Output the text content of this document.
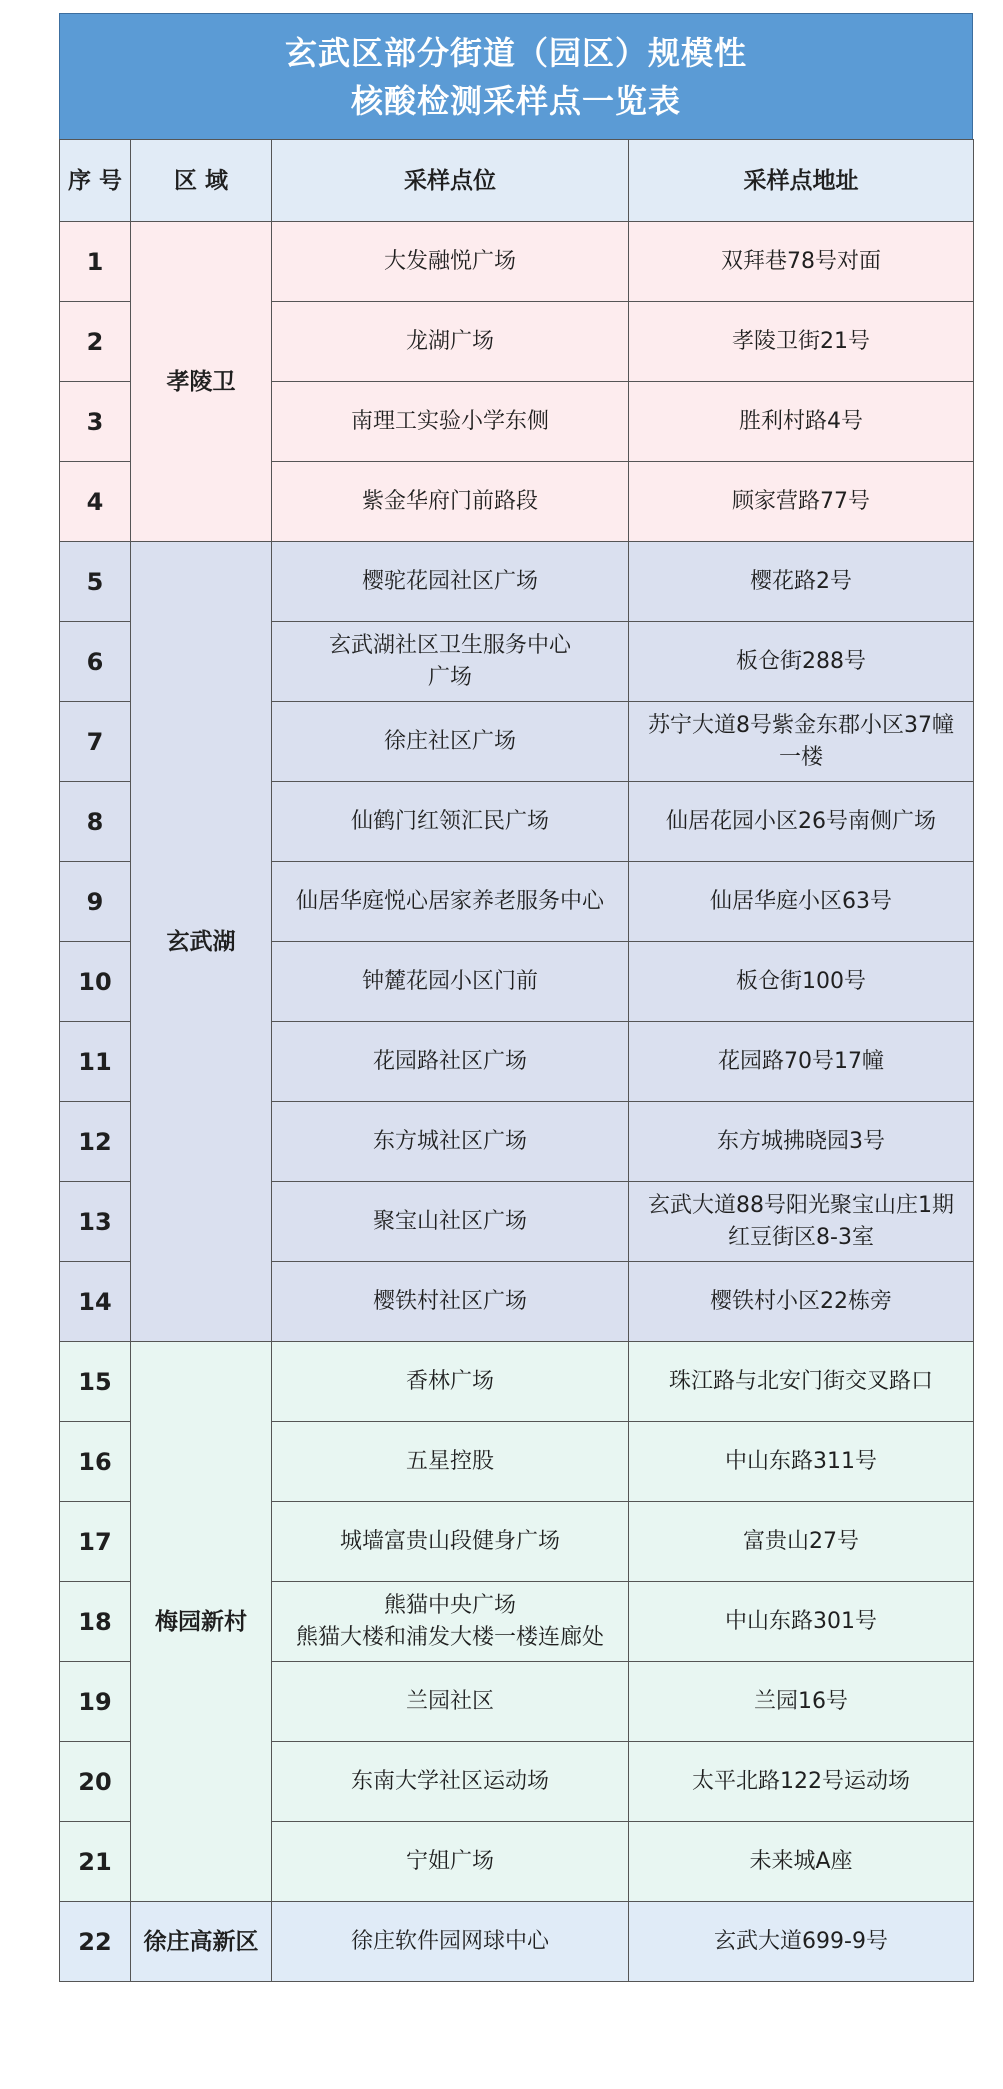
玄武区部分街道（园区）规模性
核酸检测采样点一览表
序 号	区 域	采样点位	采样点地址
1	孝陵卫	大发融悦广场	双拜巷78号对面
2		龙湖广场	孝陵卫街21号
3		南理工实验小学东侧	胜利村路4号
4		紫金华府门前路段	顾家营路77号
5	玄武湖	樱驼花园社区广场	樱花路2号
6		玄武湖社区卫生服务中心
广场	板仓街288号
7		徐庄社区广场	苏宁大道8号紫金东郡小区37幢
一楼
8		仙鹤门红领汇民广场	仙居花园小区26号南侧广场
9		仙居华庭悦心居家养老服务中心	仙居华庭小区63号
10		钟麓花园小区门前	板仓街100号
11		花园路社区广场	花园路70号17幢
12		东方城社区广场	东方城拂晓园3号
13		聚宝山社区广场	玄武大道88号阳光聚宝山庄1期
红豆街区8-3室
14		樱铁村社区广场	樱铁村小区22栋旁
15	梅园新村	香林广场	珠江路与北安门街交叉路口
16		五星控股	中山东路311号
17		城墙富贵山段健身广场	富贵山27号
18		熊猫中央广场
熊猫大楼和浦发大楼一楼连廊处	中山东路301号
19		兰园社区	兰园16号
20		东南大学社区运动场	太平北路122号运动场
21		宁姐广场	未来城A座
22	徐庄高新区	徐庄软件园网球中心	玄武大道699-9号
